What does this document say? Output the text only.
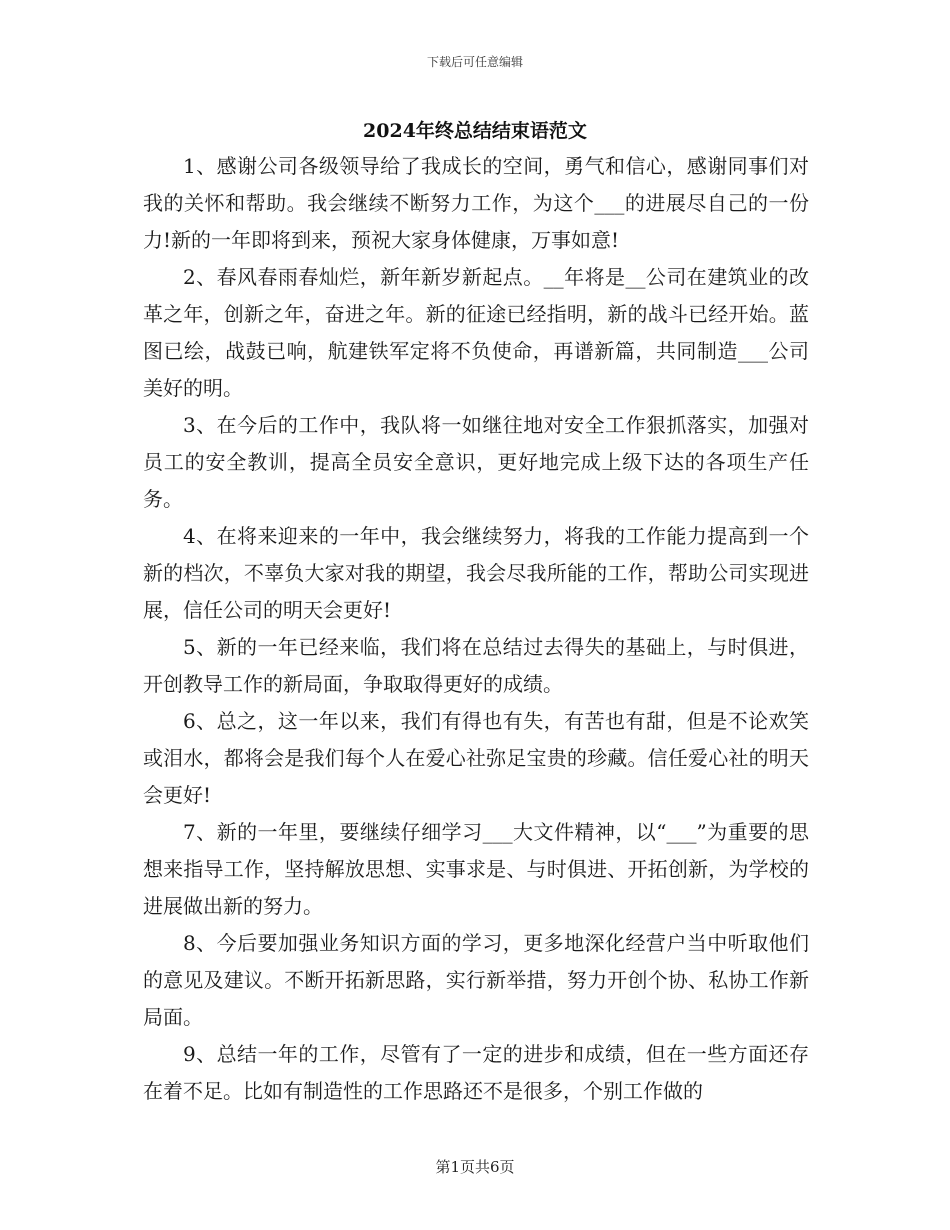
下载后可任意编辑
2024年终总结结束语范文

1、感谢公司各级领导给了我成长的空间，勇气和信心，感谢同事们对我的关怀和帮助。我会继续不断努力工作，为这个___的进展尽自己的一份力!新的一年即将到来，预祝大家身体健康，万事如意!

2、春风春雨春灿烂，新年新岁新起点。__年将是__公司在建筑业的改革之年，创新之年，奋进之年。新的征途已经指明，新的战斗已经开始。蓝图已绘，战鼓已响，航建铁军定将不负使命，再谱新篇，共同制造___公司美好的明。

3、在今后的工作中，我队将一如继往地对安全工作狠抓落实，加强对员工的安全教训，提高全员安全意识，更好地完成上级下达的各项生产任务。

4、在将来迎来的一年中，我会继续努力，将我的工作能力提高到一个新的档次，不辜负大家对我的期望，我会尽我所能的工作，帮助公司实现进展，信任公司的明天会更好!

5、新的一年已经来临，我们将在总结过去得失的基础上，与时俱进，开创教导工作的新局面，争取取得更好的成绩。

6、总之，这一年以来，我们有得也有失，有苦也有甜，但是不论欢笑或泪水，都将会是我们每个人在爱心社弥足宝贵的珍藏。信任爱心社的明天会更好!

7、新的一年里，要继续仔细学习___大文件精神，以“___”为重要的思想来指导工作，坚持解放思想、实事求是、与时俱进、开拓创新，为学校的进展做出新的努力。

8、今后要加强业务知识方面的学习，更多地深化经营户当中听取他们的意见及建议。不断开拓新思路，实行新举措，努力开创个协、私协工作新局面。

9、总结一年的工作，尽管有了一定的进步和成绩，但在一些方面还存在着不足。比如有制造性的工作思路还不是很多，个别工作做的

第1页共6页
